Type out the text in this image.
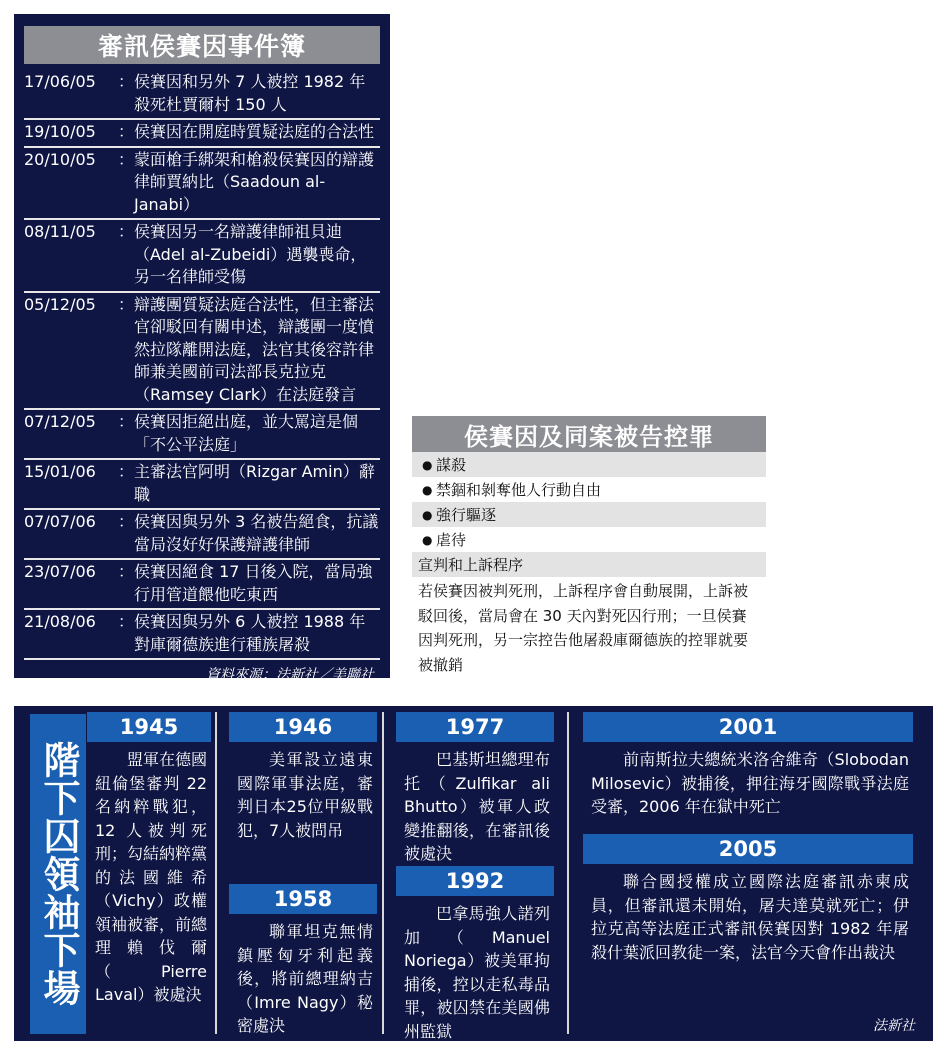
審訊侯賽因事件簿
17/06/05	： 侯賽因和另外 7 人被控 1982 年殺死杜賈爾村 150 人
19/10/05	： 侯賽因在開庭時質疑法庭的合法性
20/10/05	： 蒙面槍手綁架和槍殺侯賽因的辯護律師賈納比（Saadoun al-Janabi）
08/11/05	： 侯賽因另一名辯護律師祖貝迪（Adel al-Zubeidi）遇襲喪命，另一名律師受傷
05/12/05	： 辯護團質疑法庭合法性，但主審法官卻駁回有關申述，辯護團一度憤然拉隊離開法庭，法官其後容許律師兼美國前司法部長克拉克（Ramsey Clark）在法庭發言
07/12/05	： 侯賽因拒絕出庭，並大罵這是個「不公平法庭」
15/01/06	： 主審法官阿明（Rizgar Amin）辭職
07/07/06	： 侯賽因與另外 3 名被告絕食，抗議當局沒好好保護辯護律師
23/07/06	： 侯賽因絕食 17 日後入院，當局強行用管道餵他吃東西
21/08/06	： 侯賽因與另外 6 人被控 1988 年對庫爾德族進行種族屠殺
資料來源：法新社／美聯社
侯賽因及同案被告控罪
● 謀殺
● 禁錮和剝奪他人行動自由
● 強行驅逐
● 虐待
宣判和上訴程序
若侯賽因被判死刑，上訴程序會自動展開，上訴被駁回後，當局會在 30 天內對死囚行刑；一旦侯賽因判死刑，另一宗控告他屠殺庫爾德族的控罪就要被撤銷
階下囚領袖下場
1945
盟軍在德國紐倫堡審判 22 名納粹戰犯，12 人被判死刑；勾結納粹黨的法國維希（Vichy）政權領袖被審，前總理賴伐爾（Pierre Laval）被處決
1946
美軍設立遠東國際軍事法庭，審判日本25位甲級戰犯，7人被問吊
1958
聯軍坦克無情鎮壓匈牙利起義後，將前總理納吉（Imre Nagy）秘密處決
1977
巴基斯坦總理布托（Zulfikar ali Bhutto）被軍人政變推翻後，在審訊後被處決
1992
巴拿馬強人諾列加（Manuel Noriega）被美軍拘捕後，控以走私毒品罪，被囚禁在美國佛州監獄
2001
前南斯拉夫總統米洛舍維奇（Slobodan Milosevic）被捕後，押往海牙國際戰爭法庭受審，2006 年在獄中死亡
2005
聯合國授權成立國際法庭審訊赤柬成員，但審訊還未開始，屠夫達莫就死亡；伊拉克高等法庭正式審訊侯賽因對 1982 年屠殺什葉派回教徒一案，法官今天會作出裁決
法新社
